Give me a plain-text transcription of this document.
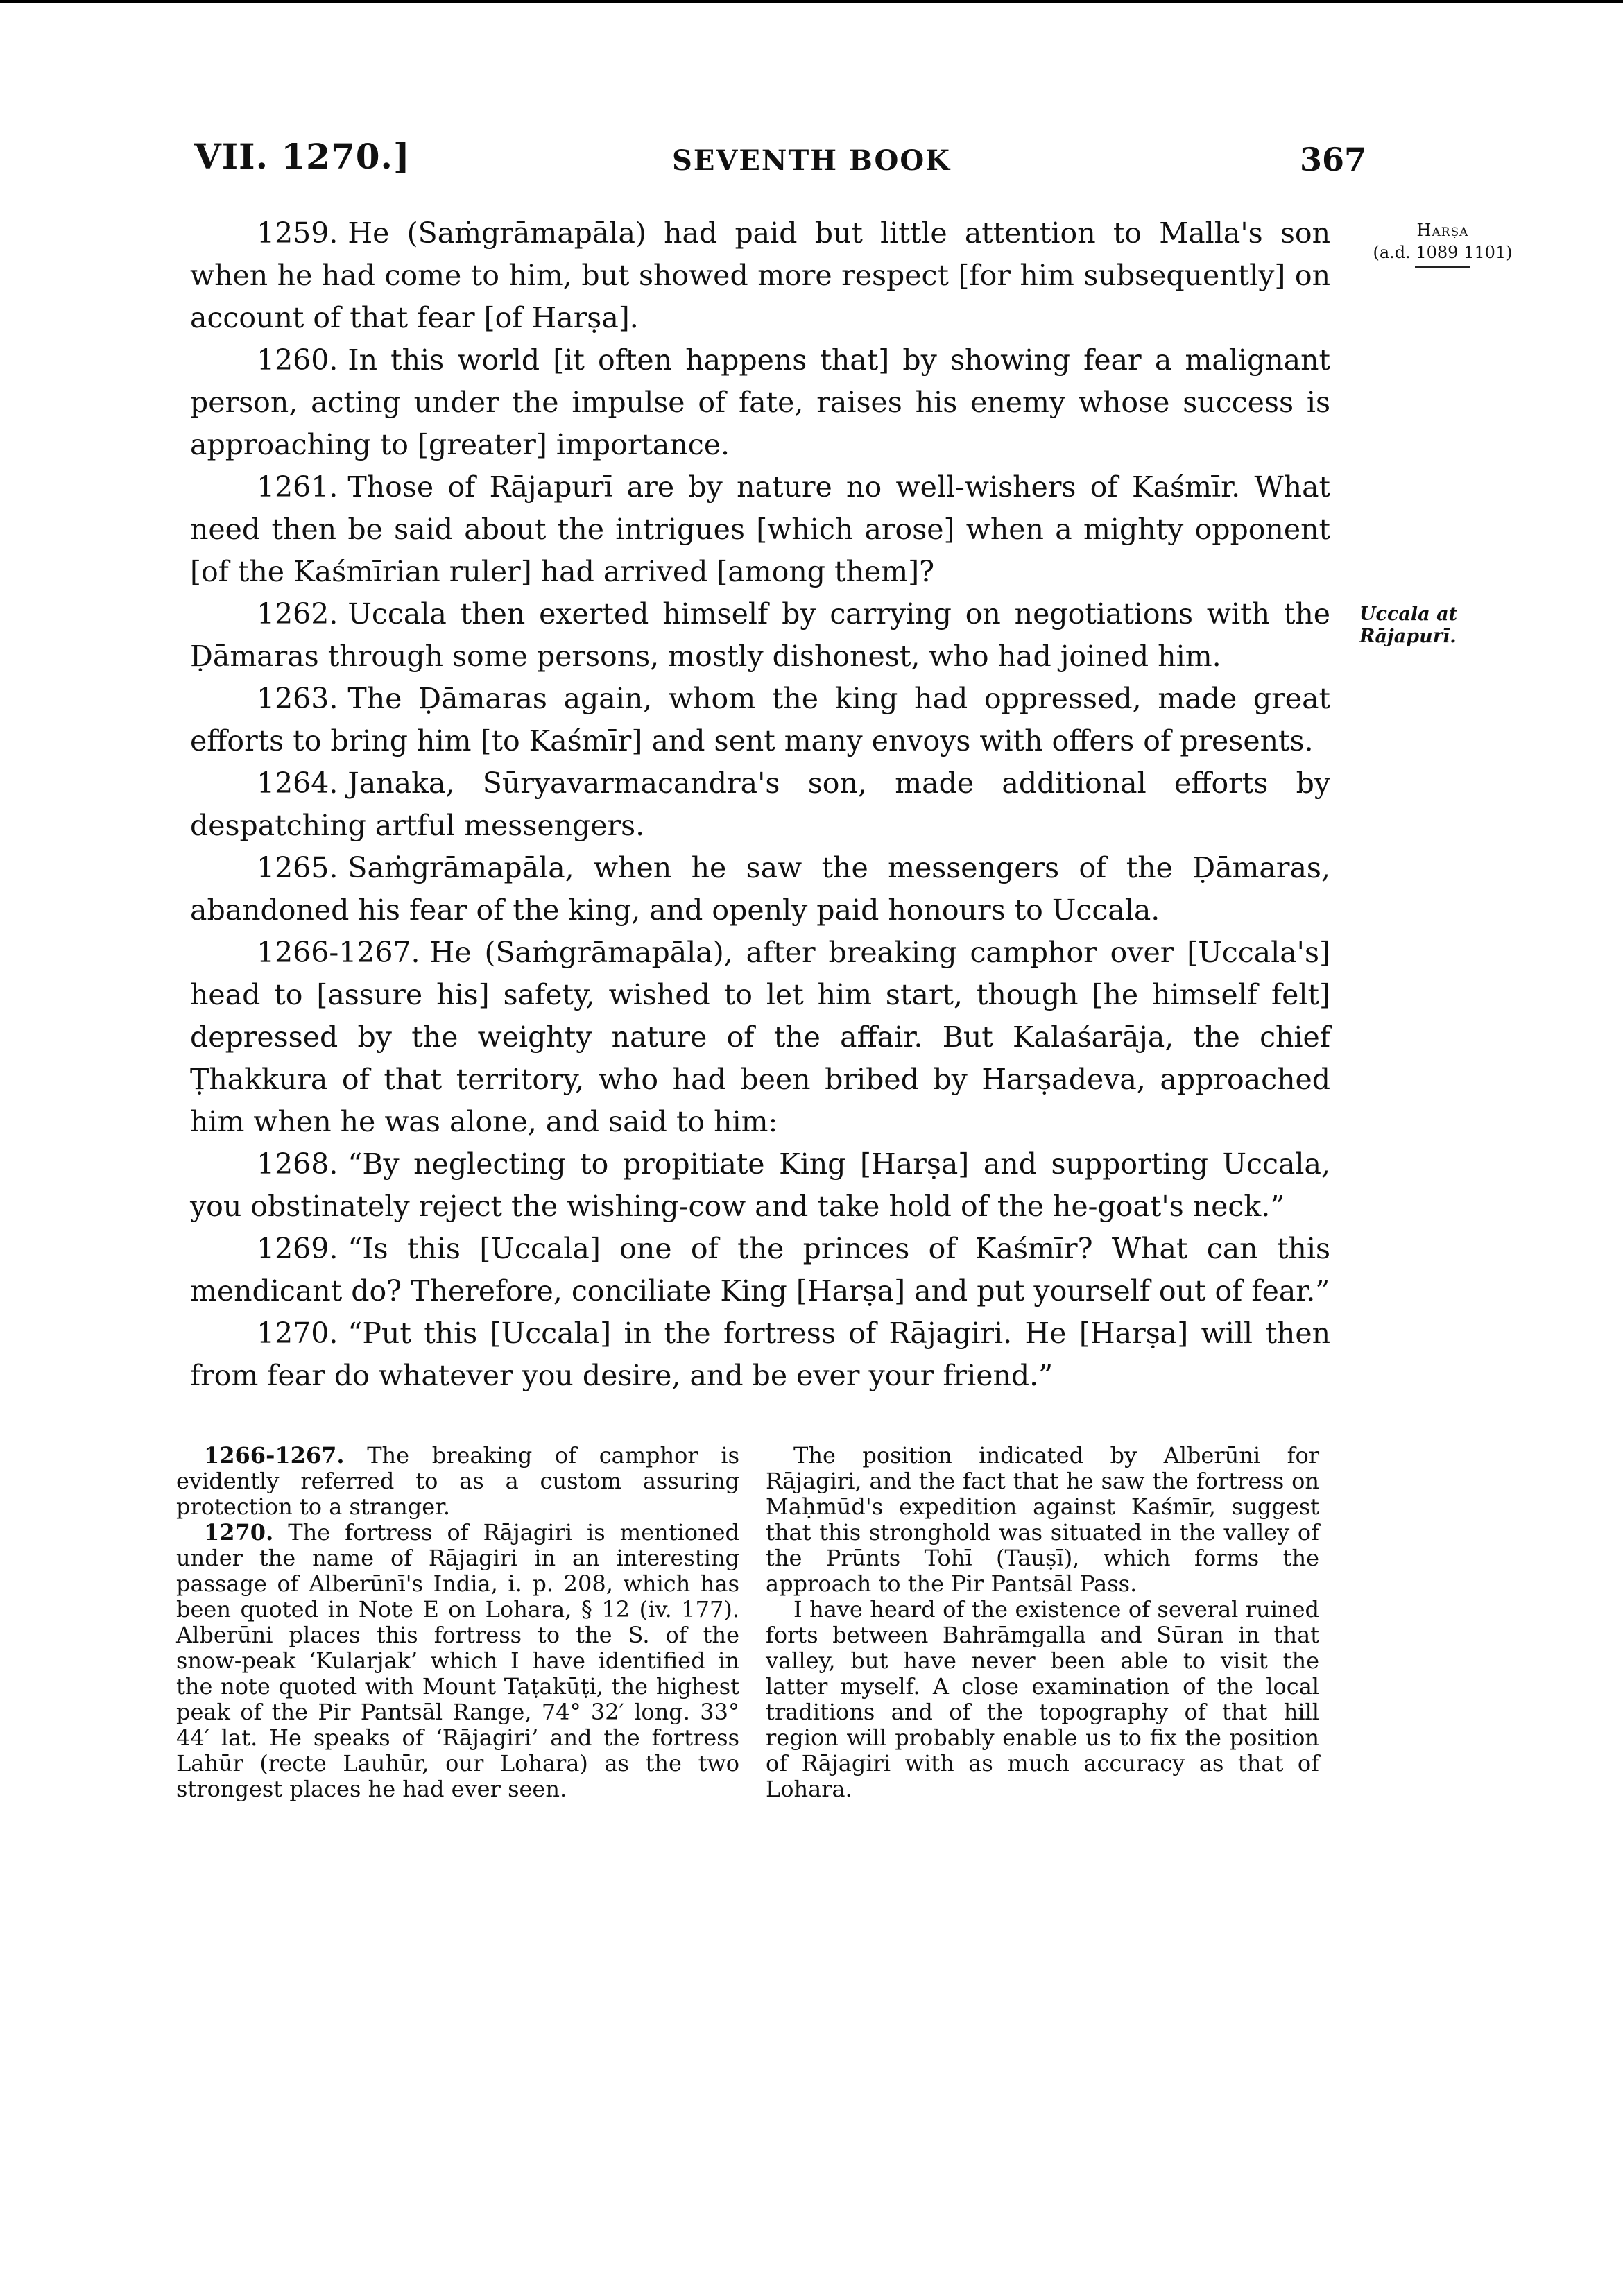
VII. 1270.]	SEVENTH BOOK	367
Harṣa
(a.d. 1089 1101)
Uccala at Rājapurī.

1259. He (Saṁgrāmapāla) had paid but little attention to Malla's son when he had come to him, but showed more respect [for him subsequently] on account of that fear [of Harṣa].

1260. In this world [it often happens that] by showing fear a malignant person, acting under the impulse of fate, raises his enemy whose success is approaching to [greater] importance.

1261. Those of Rājapurī are by nature no well-wishers of Kaśmīr. What need then be said about the intrigues [which arose] when a mighty opponent [of the Kaśmīrian ruler] had arrived [among them]?

1262. Uccala then exerted himself by carrying on negotiations with the Ḍāmaras through some persons, mostly dishonest, who had joined him.

1263. The Ḍāmaras again, whom the king had oppressed, made great efforts to bring him [to Kaśmīr] and sent many envoys with offers of presents.

1264. Janaka, Sūryavarmacandra's son, made additional efforts by despatching artful messengers.

1265. Saṁgrāmapāla, when he saw the messengers of the Ḍāmaras, abandoned his fear of the king, and openly paid honours to Uccala.

1266-1267. He (Saṁgrāmapāla), after breaking camphor over [Uccala's] head to [assure his] safety, wished to let him start, though [he himself felt] depressed by the weighty nature of the affair. But Kalaśarāja, the chief Ṭhakkura of that territory, who had been bribed by Harṣadeva, approached him when he was alone, and said to him:

1268. “By neglecting to propitiate King [Harṣa] and supporting Uccala, you obstinately reject the wishing-cow and take hold of the he-goat's neck.”

1269. “Is this [Uccala] one of the princes of Kaśmīr? What can this mendicant do? Therefore, conciliate King [Harṣa] and put yourself out of fear.”

1270. “Put this [Uccala] in the fortress of Rājagiri. He [Harṣa] will then from fear do whatever you desire, and be ever your friend.”

1266-1267. The breaking of camphor is evidently referred to as a custom assuring protection to a stranger.

1270. The fortress of Rājagiri is mentioned under the name of Rājagiri in an interesting passage of Alberūnī's India, i. p. 208, which has been quoted in Note E on Lohara, § 12 (iv. 177). Alberūni places this fortress to the S. of the snow-peak ‘Kularjak’ which I have identified in the note quoted with Mount Taṭakūṭi, the highest peak of the Pir Pantsāl Range, 74° 32′ long. 33° 44′ lat. He speaks of ‘Rājagiri’ and the fortress Lahūr (recte Lauhūr, our Lohara) as the two strongest places he had ever seen.

The position indicated by Alberūni for Rājagiri, and the fact that he saw the fortress on Maḥmūd's expedition against Kaśmīr, suggest that this stronghold was situated in the valley of the Prūnts Tohī (Tauṣī), which forms the approach to the Pir Pantsāl Pass.

I have heard of the existence of several ruined forts between Bahrāmgalla and Sūran in that valley, but have never been able to visit the latter myself. A close examination of the local traditions and of the topography of that hill region will probably enable us to fix the position of Rājagiri with as much accuracy as that of Lohara.
